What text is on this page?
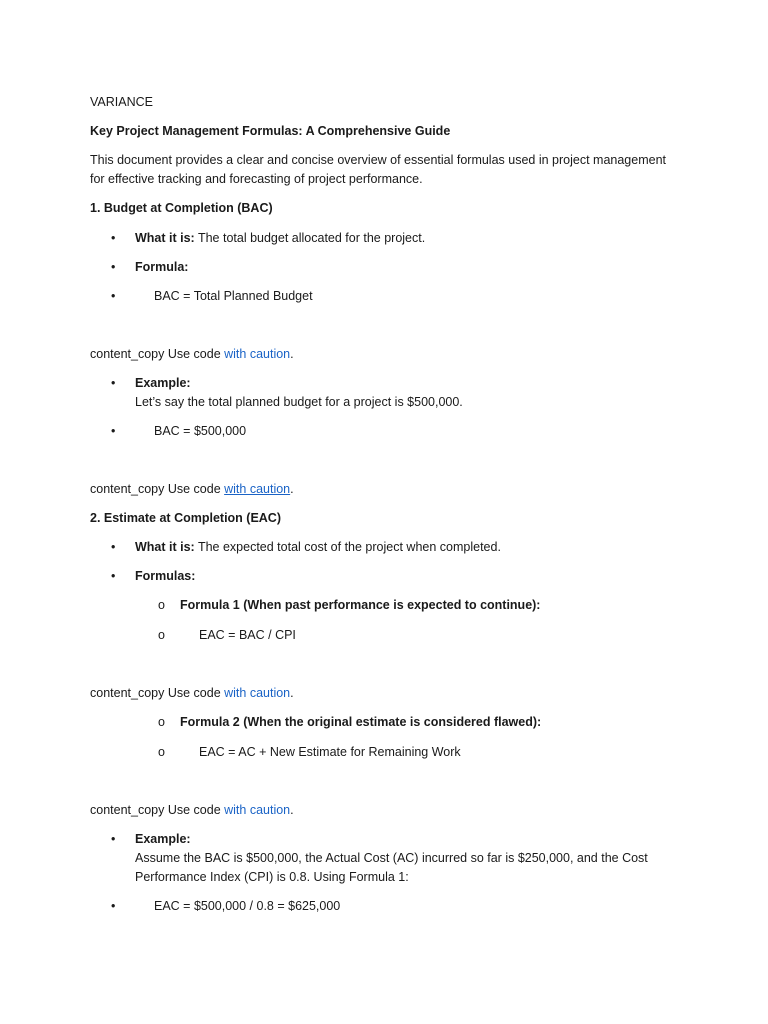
VARIANCE
Key Project Management Formulas: A Comprehensive Guide
This document provides a clear and concise overview of essential formulas used in project management
for effective tracking and forecasting of project performance.
1. Budget at Completion (BAC)
• What it is: The total budget allocated for the project.
• Formula:
•	BAC = Total Planned Budget
content_copy Use code with caution.
• Example:
Let’s say the total planned budget for a project is $500,000.
•	BAC = $500,000
content_copy Use code with caution.
2. Estimate at Completion (EAC)
• What it is: The expected total cost of the project when completed.
• Formulas:
o Formula 1 (When past performance is expected to continue):
o	EAC = BAC / CPI
content_copy Use code with caution.
o Formula 2 (When the original estimate is considered flawed):
o	EAC = AC + New Estimate for Remaining Work
content_copy Use code with caution.
• Example:
Assume the BAC is $500,000, the Actual Cost (AC) incurred so far is $250,000, and the Cost
Performance Index (CPI) is 0.8. Using Formula 1:
•	EAC = $500,000 / 0.8 = $625,000
